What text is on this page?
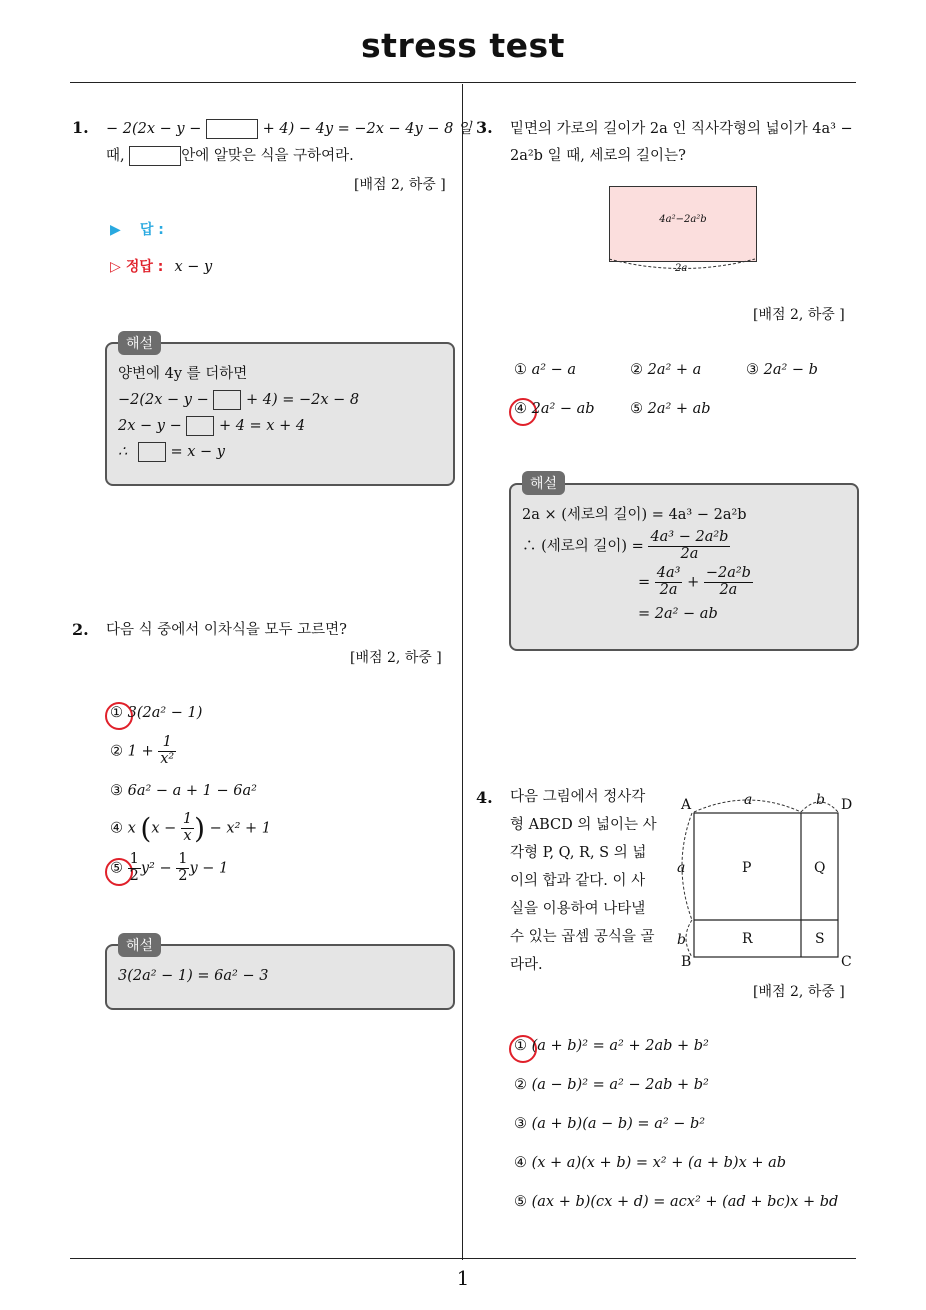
stress test
1
1. − 2(2x − y −	+ 4) − 4y = −2x − 4y − 8 일
때,	안에 알맞은 식을 구하여라.
[배점 2, 하중 ]
▶ 답 :
▷ 정답 : x − y
해설
양변에 4y 를 더하면
−2(2x − y −	+ 4) = −2x − 8
2x − y −	+ 4 = x + 4
∴	= x − y
2. 다음 식 중에서 이차식을 모두 고르면?
[배점 2, 하중 ]
① 3(2a² − 1)
② $1 + \frac{1}{\text{x²}}$
③ 6a² − a + 1 − 6a²
④ x ($x - \frac{1}{x}$ ) − x² + 1
⑤ $\frac{1}{2} y^2 - \frac{1}{2}$ y − 1
해설
3(2a² − 1) = 6a² − 3
3. 밑면의 가로의 길이가 2a 인 직사각형의 넓이가 4a³ −
2a²b 일 때, 세로의 길이는?
4a²−2a²b
2a
[배점 2, 하중 ]
① a² − a	② 2a² + a	③ 2a² − b
④ 2a² − ab ⑤ 2a² + ab
해설
2a × (세로의 길이) = 4a³ − 2a²b
∴ (세로의 길이) = $\frac{\text{4a³ − 2a²b}}{2a}$
= $\frac{\text{4a³}}{2a} + \frac{\text{−2a²b}}{2a}$
= 2a² − ab
4. 다음 그림에서 정사각
형 ABCD 의 넓이는 사
각형 P, Q, R, S 의 넓
이의 합과 같다. 이 사
실을 이용하여 나타낼
수 있는 곱셈 공식을 골
라라.
A	D
B	C
a	b
a
b
P	Q
R	S
[배점 2, 하중 ]
① (a + b)² = a² + 2ab + b²
② (a − b)² = a² − 2ab + b²
③ (a + b)(a − b) = a² − b²
④ (x + a)(x + b) = x² + (a + b)x + ab
⑤ (ax + b)(cx + d) = acx² + (ad + bc)x + bd
